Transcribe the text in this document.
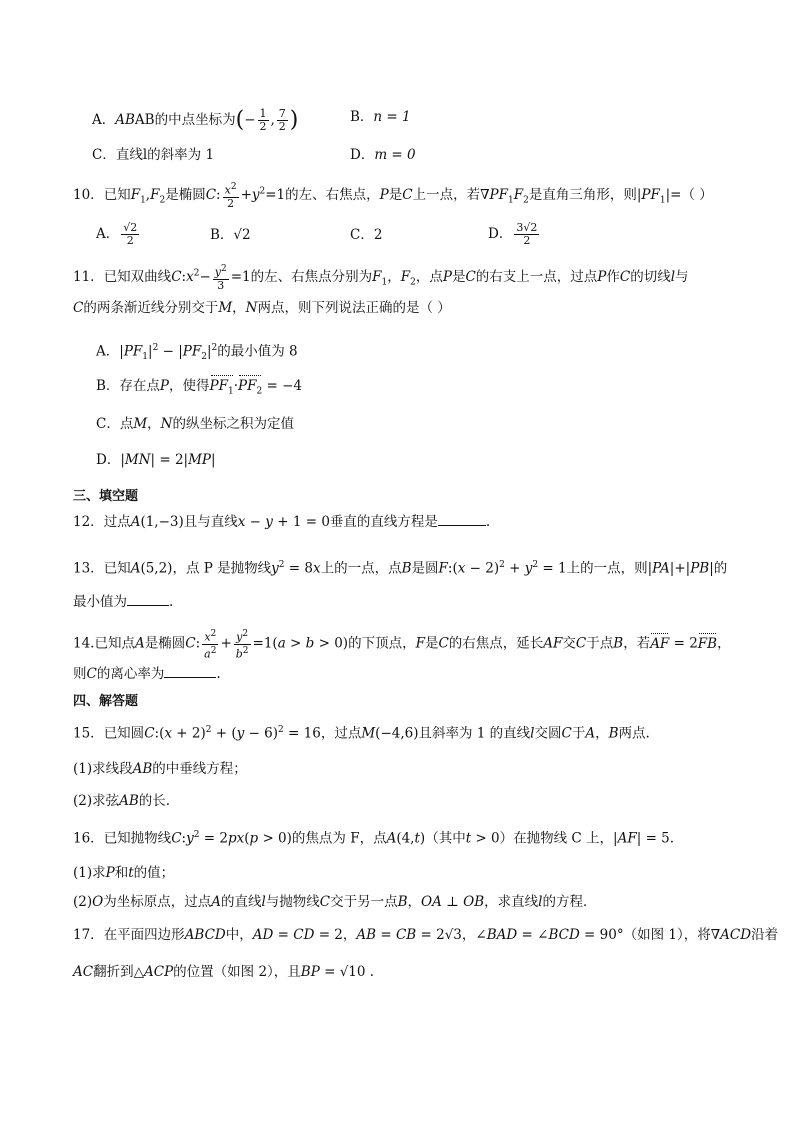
A．ABAB的中点坐标为(− $\frac{1}{2}$ , $\frac{7}{2}$ )	B．n = 1
C．直线l的斜率为 1	D．m = 0
10．已知$F_1,F_2$是椭圆C: $\frac{x^2}{2} +y^2=1$的左、右焦点，P是C上一点，若$\nabla PF_1F_2$是直角三角形，则$|PF_1|=$（ ）
A． $\frac{√2}{2}$	B．√2	C．2	D． $\frac{3√2}{2}$
11．已知双曲线$C:x^2- \frac{y^2}{3} =1$的左、右焦点分别为$F_1$，$F_2$，点P是C的右支上一点，过点P作C的切线l与
C的两条渐近线分别交于M，N两点，则下列说法正确的是（ ）
A．$|PF_1|^2 - |PF_2|^2$的最小值为 8
B．存在点P，使得$PF_1\cdot PF_2 = -4$
C．点M，N的纵坐标之积为定值
D．|MN| = 2|MP|
三、填空题
12．过点A(1,−3)且与直线x − y + 1 = 0垂直的直线方程是	.
13．已知A(5,2)，点 P 是抛物线$y^2 = 8x$上的一点，点B是圆F:(x − $2)^2 + y^2 = 1$上的一点，则|PA|+|PB|的
最小值为	.
14.已知点A是椭圆C: $\frac{x^2}{a^2} + \frac{y^2}{b^2} =1(a > b > 0)$的下顶点，F是C的右焦点，延长AF交C于点B，若AF = 2FB，
则C的离心率为	.
四、解答题
15．已知圆C:(x + $2)^2 + (y - 6)^2 = 16$，过点M(−4,6)且斜率为 1 的直线l交圆C于A，B两点.
(1)求线段AB的中垂线方程；
(2)求弦AB的长.
16．已知抛物线$C:y^2 = 2px(p > 0)$的焦点为 F，点A(4,t)（其中t > 0）在抛物线 C 上，|AF| = 5.
(1)求P和t的值；
(2)O为坐标原点，过点A的直线l与抛物线C交于另一点B，OA ⊥ OB，求直线l的方程．
17．在平面四边形ABCD中，AD = CD = 2，AB = CB = 2√3，∠BAD = ∠BCD = 90°（如图 1），将∇ACD沿着
AC翻折到△ACP的位置（如图 2），且BP = √10 .
